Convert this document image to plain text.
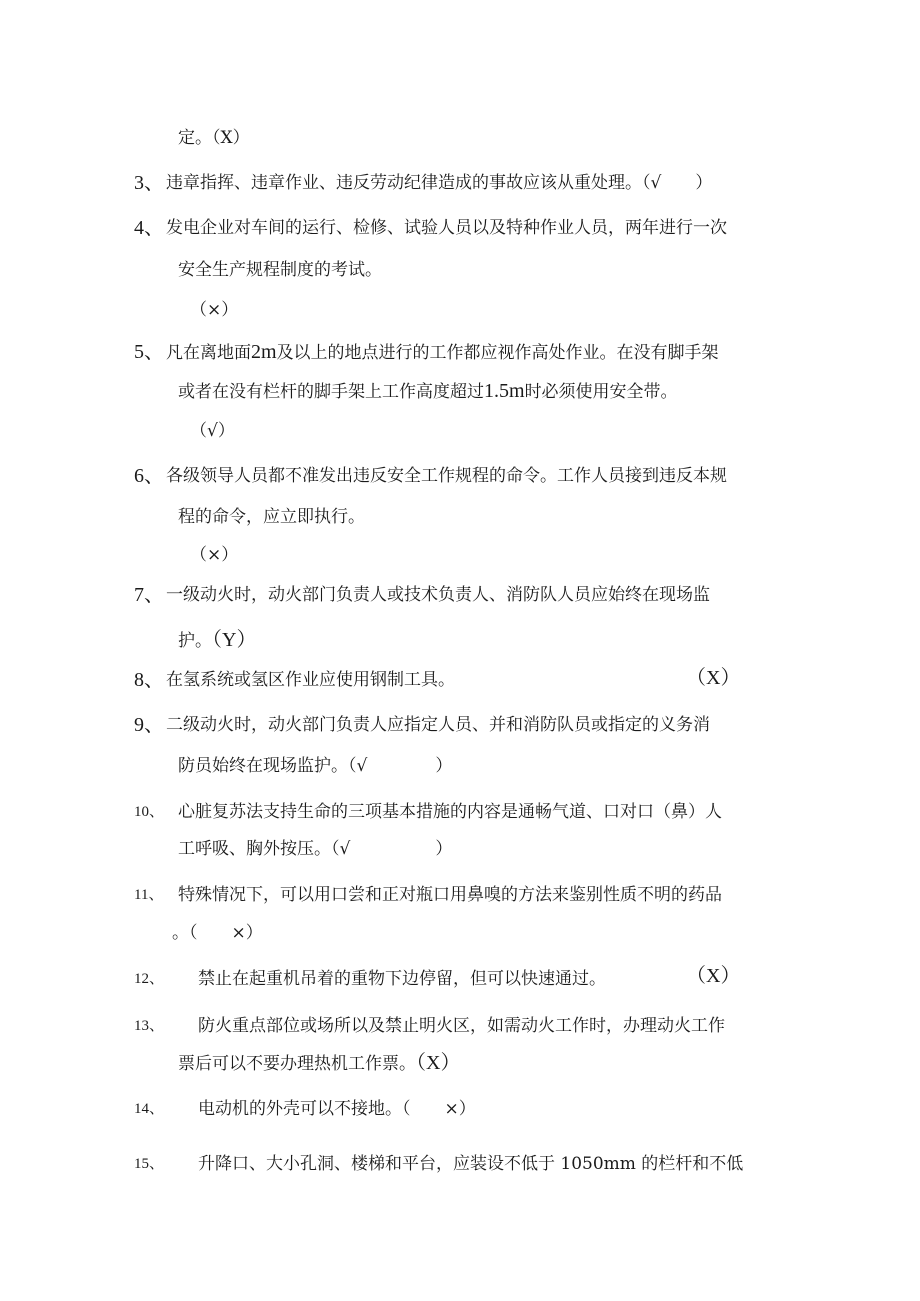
定。（X）
3、 违章指挥、违章作业、违反劳动纪律造成的事故应该从重处理。（√　　）
4、 发电企业对车间的运行、检修、试验人员以及特种作业人员，两年进行一次
安全生产规程制度的考试。
（×）
5、 凡在离地面2m及以上的地点进行的工作都应视作高处作业。在没有脚手架
或者在没有栏杆的脚手架上工作高度超过1.5m时必须使用安全带。
（√）
6、 各级领导人员都不准发出违反安全工作规程的命令。工作人员接到违反本规
程的命令，应立即执行。
（×）
7、 一级动火时，动火部门负责人或技术负责人、消防队人员应始终在现场监
护。（Y）
8、 在氢系统或氢区作业应使用钢制工具。	（X）
9、 二级动火时，动火部门负责人应指定人员、并和消防队员或指定的义务消
防员始终在现场监护。（√　　　　）
10、 心脏复苏法支持生命的三项基本措施的内容是通畅气道、口对口（鼻）人
工呼吸、胸外按压。（√　　　　　）
11、 特殊情况下，可以用口尝和正对瓶口用鼻嗅的方法来鉴别性质不明的药品
。（　　×）
12、 禁止在起重机吊着的重物下边停留，但可以快速通过。	（X）
13、 防火重点部位或场所以及禁止明火区，如需动火工作时，办理动火工作
票后可以不要办理热机工作票。（X）
14、 电动机的外壳可以不接地。（　　×）
15、 升降口、大小孔洞、楼梯和平台，应装设不低于 1050mm 的栏杆和不低
